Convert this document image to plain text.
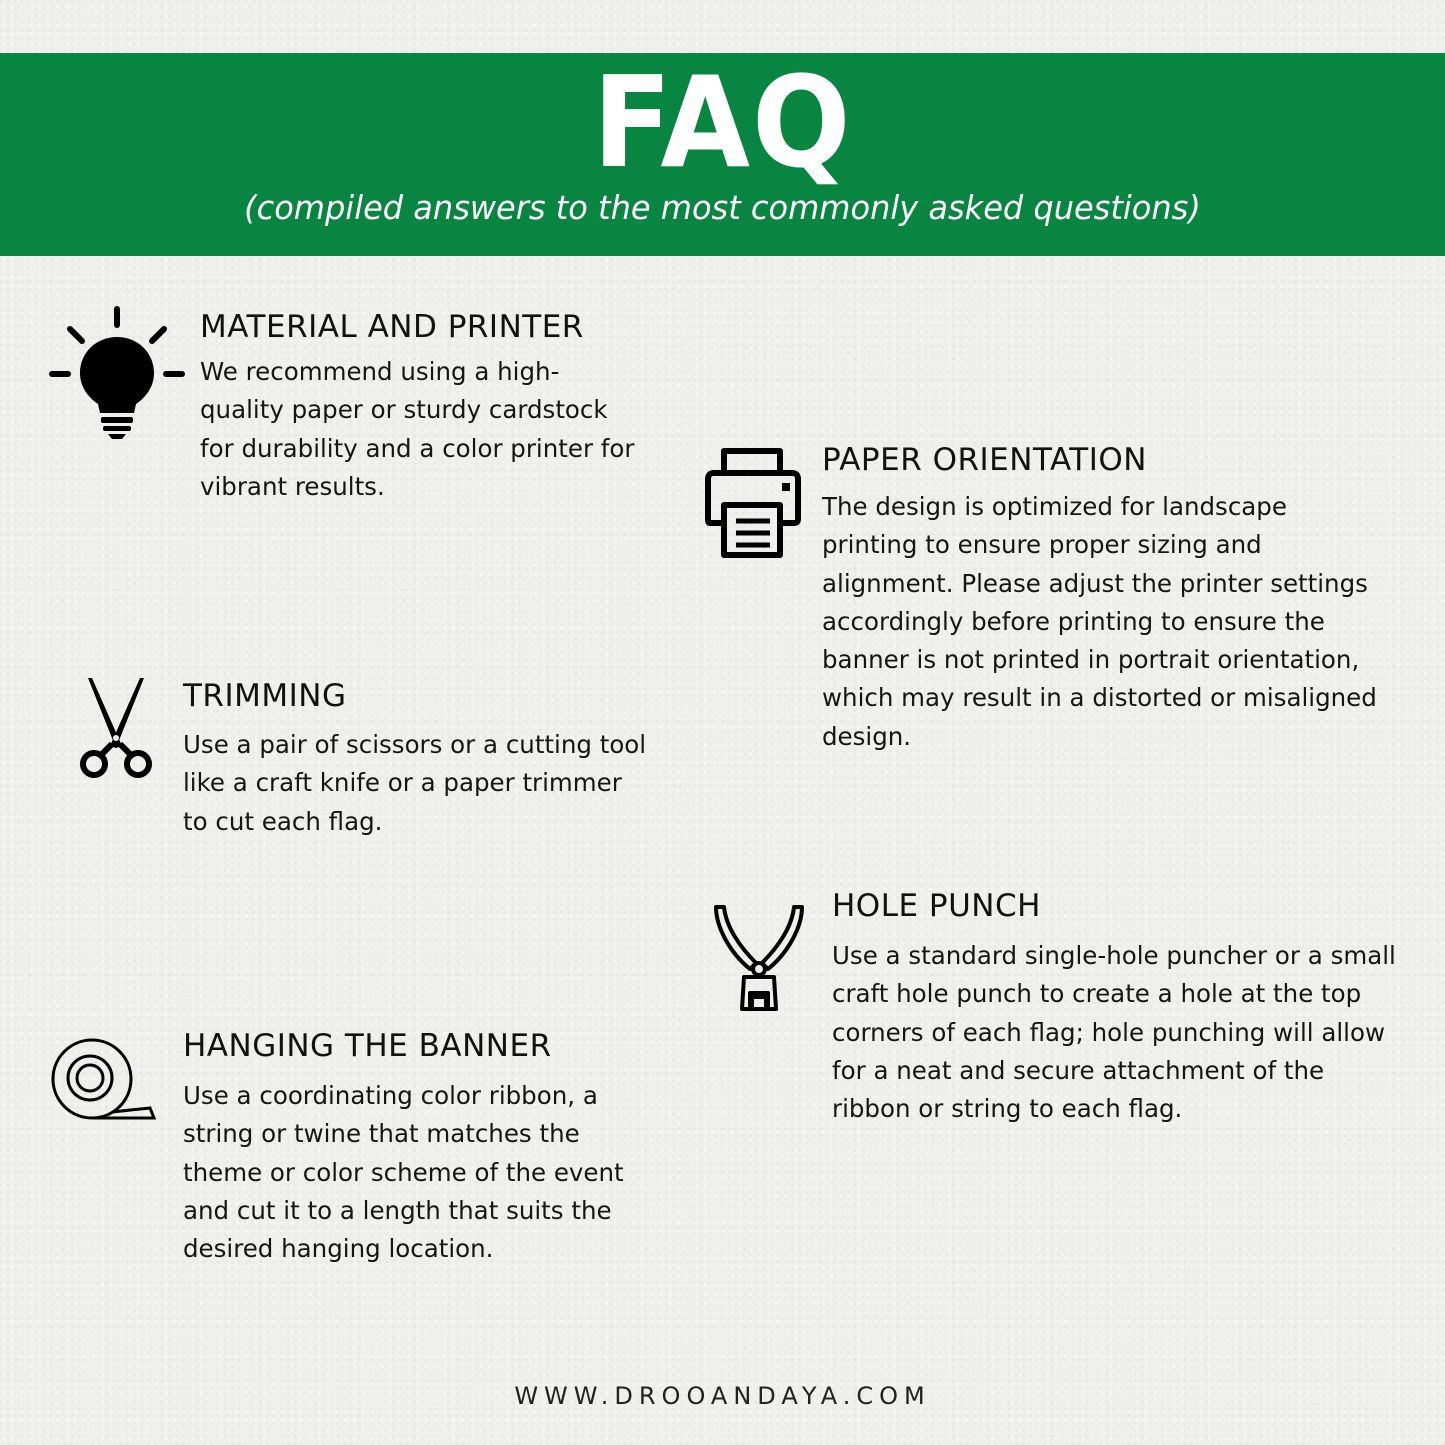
FAQ

(compiled answers to the most commonly asked questions)

MATERIAL AND PRINTER

We recommend using a high-quality paper or sturdy cardstock for durability and a color printer for vibrant results.

PAPER ORIENTATION

The design is optimized for landscape printing to ensure proper sizing and alignment. Please adjust the printer settings accordingly before printing to ensure the banner is not printed in portrait orientation, which may result in a distorted or misaligned design.

TRIMMING

Use a pair of scissors or a cutting tool like a craft knife or a paper trimmer to cut each flag.

HOLE PUNCH

Use a standard single-hole puncher or a small craft hole punch to create a hole at the top corners of each flag; hole punching will allow for a neat and secure attachment of the ribbon or string to each flag.

HANGING THE BANNER

Use a coordinating color ribbon, a string or twine that matches the theme or color scheme of the event and cut it to a length that suits the desired hanging location.

WWW.DROOANDAYA.COM
